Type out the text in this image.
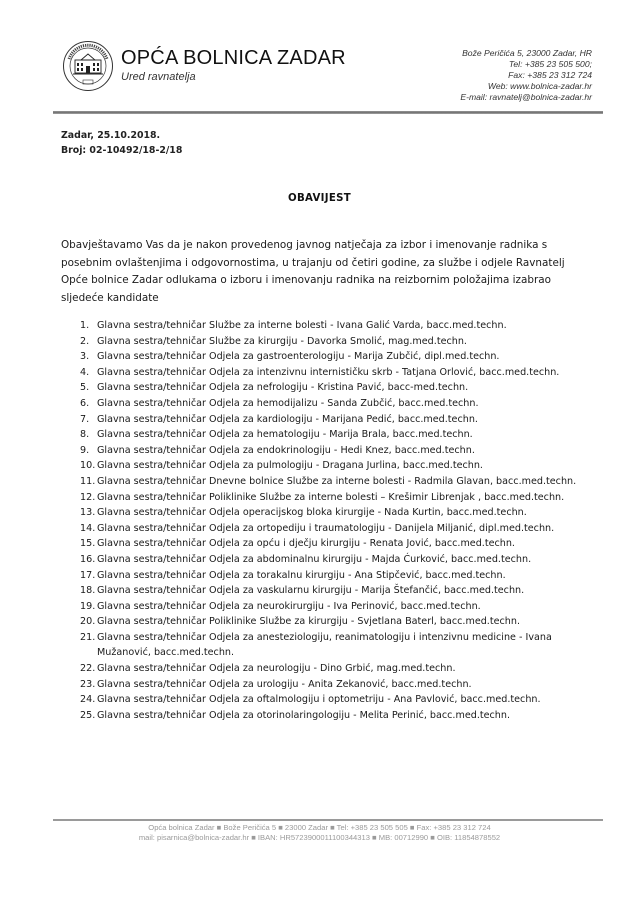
OPĆA BOLNICA ZADAR
Ured ravnatelja
Bože Peričića 5, 23000 Zadar, HR
Tel: +385 23 505 500;
Fax: +385 23 312 724
Web: www.bolnica-zadar.hr
E-mail: ravnatelj@bolnica-zadar.hr
Zadar, 25.10.2018.
Broj: 02-10492/18-2/18
OBAVIJEST
Obavještavamo Vas da je nakon provedenog javnog natječaja za izbor i imenovanje radnika s posebnim ovlaštenjima i odgovornostima, u trajanju od četiri godine, za službe i odjele Ravnatelj Opće bolnice Zadar odlukama o izboru i imenovanju radnika na reizbornim položajima izabrao sljedeće kandidate
1. Glavna sestra/tehničar Službe za interne bolesti - Ivana Galić Varda, bacc.med.techn.
2. Glavna sestra/tehničar Službe za kirurgiju - Davorka Smolić, mag.med.techn.
3. Glavna sestra/tehničar Odjela za gastroenterologiju - Marija Zubčić, dipl.med.techn.
4. Glavna sestra/tehničar Odjela za intenzivnu internističku skrb - Tatjana Orlović, bacc.med.techn.
5. Glavna sestra/tehničar Odjela za nefrologiju - Kristina Pavić, bacc-med.techn.
6. Glavna sestra/tehničar Odjela za hemodijalizu - Sanda Zubčić, bacc.med.techn.
7. Glavna sestra/tehničar Odjela za kardiologiju - Marijana Pedić, bacc.med.techn.
8. Glavna sestra/tehničar Odjela za hematologiju - Marija Brala, bacc.med.techn.
9. Glavna sestra/tehničar Odjela za endokrinologiju - Hedi Knez, bacc.med.techn.
10. Glavna sestra/tehničar Odjela za pulmologiju - Dragana Jurlina, bacc.med.techn.
11. Glavna sestra/tehničar Dnevne bolnice Službe za interne bolesti - Radmila Glavan, bacc.med.techn.
12. Glavna sestra/tehničar Poliklinike Službe za interne bolesti – Krešimir Librenjak , bacc.med.techn.
13. Glavna sestra/tehničar Odjela operacijskog bloka kirurgije - Nada Kurtin, bacc.med.techn.
14. Glavna sestra/tehničar Odjela za ortopediju i traumatologiju - Danijela Miljanić, dipl.med.techn.
15. Glavna sestra/tehničar Odjela za opću i dječju kirurgiju - Renata Jović, bacc.med.techn.
16. Glavna sestra/tehničar Odjela za abdominalnu kirurgiju - Majda Ćurković, bacc.med.techn.
17. Glavna sestra/tehničar Odjela za torakalnu kirurgiju - Ana Stipčević, bacc.med.techn.
18. Glavna sestra/tehničar Odjela za vaskularnu kirurgiju - Marija Štefančić, bacc.med.techn.
19. Glavna sestra/tehničar Odjela za neurokirurgiju - Iva Perinović, bacc.med.techn.
20. Glavna sestra/tehničar Poliklinike Službe za kirurgiju - Svjetlana Baterl, bacc.med.techn.
21. Glavna sestra/tehničar Odjela za anesteziologiju, reanimatologiju i intenzivnu medicine - Ivana Mužanović, bacc.med.techn.
22. Glavna sestra/tehničar Odjela za neurologiju - Dino Grbić, mag.med.techn.
23. Glavna sestra/tehničar Odjela za urologiju - Anita Zekanović, bacc.med.techn.
24. Glavna sestra/tehničar Odjela za oftalmologiju i optometriju - Ana Pavlović, bacc.med.techn.
25. Glavna sestra/tehničar Odjela za otorinolaringologiju - Melita Perinić, bacc.med.techn.
Opća bolnica Zadar ■ Bože Peričića 5 ■ 23000 Zadar ■ Tel: +385 23 505 505 ■ Fax: +385 23 312 724
mail: pisarnica@bolnica-zadar.hr ■ IBAN: HR5723900011100344313 ■ MB: 00712990 ■ OIB: 11854878552
